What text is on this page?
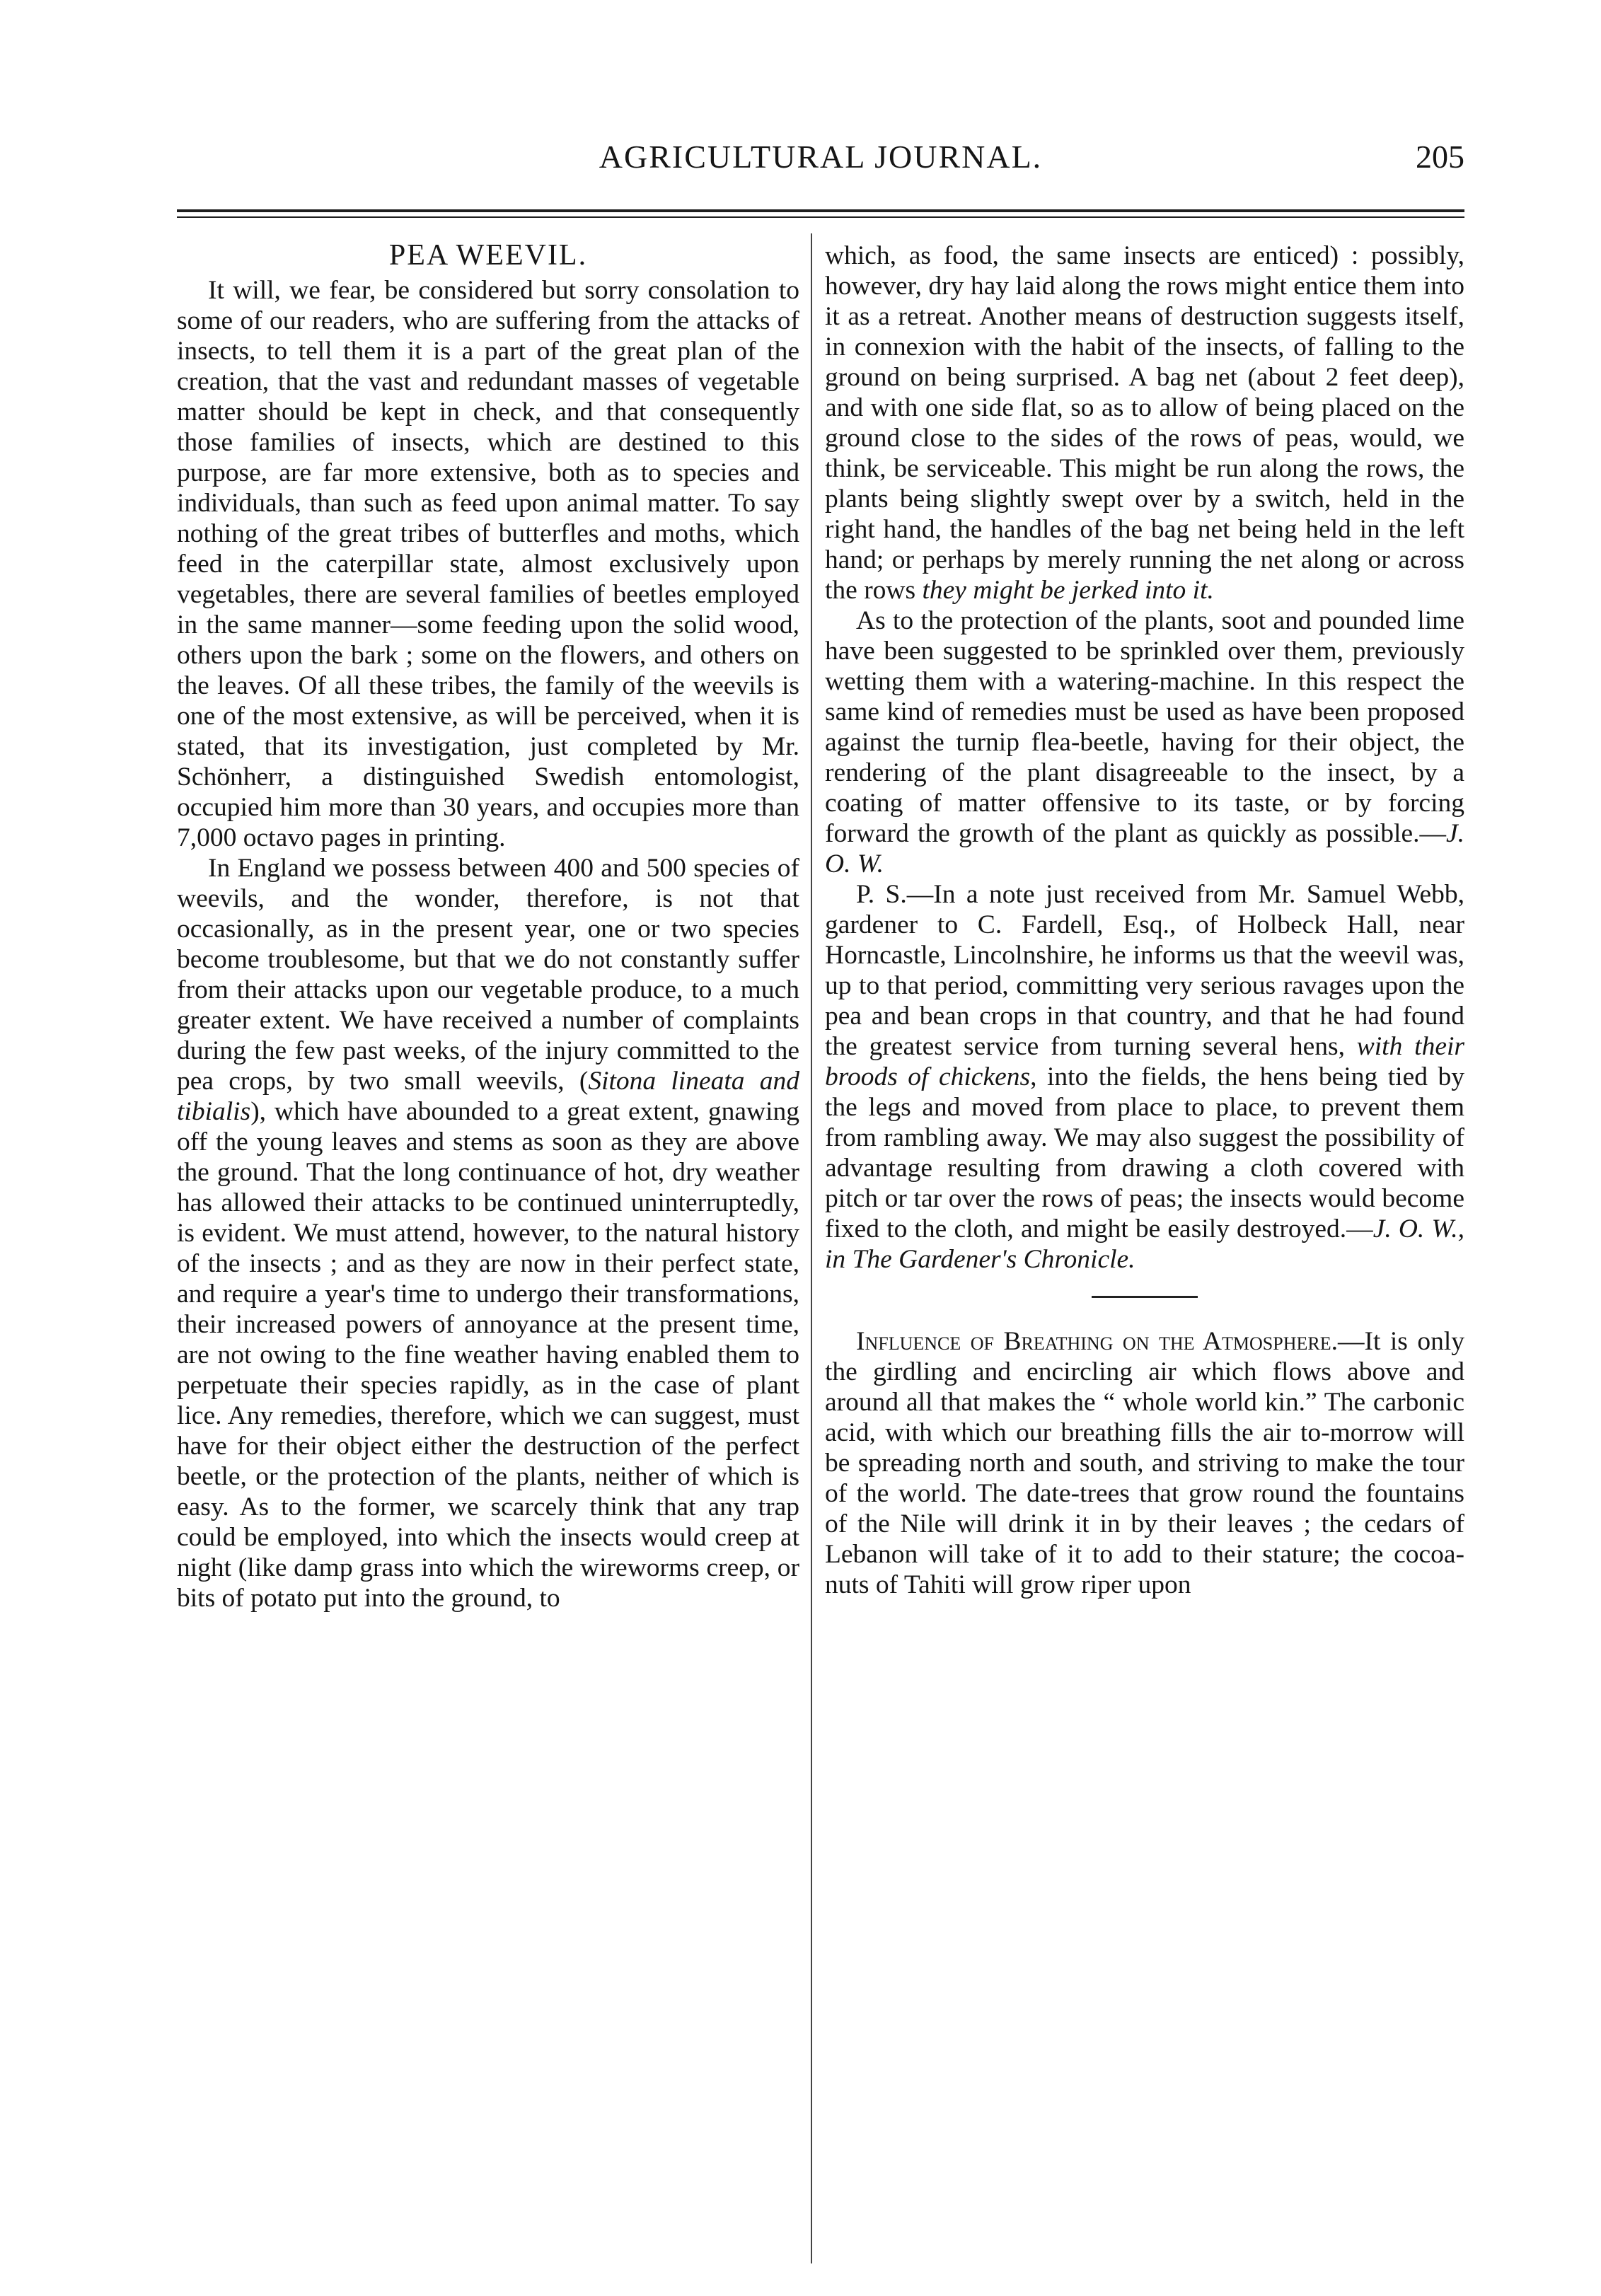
AGRICULTURAL JOURNAL.	205
PEA WEEVIL.

It will, we fear, be considered but sorry consolation to some of our readers, who are suffering from the attacks of insects, to tell them it is a part of the great plan of the creation, that the vast and redundant masses of vegetable matter should be kept in check, and that consequently those families of insects, which are destined to this purpose, are far more extensive, both as to species and individuals, than such as feed upon animal matter. To say nothing of the great tribes of butterfles and moths, which feed in the caterpillar state, almost exclusively upon vegetables, there are several families of beetles employed in the same manner—some feeding upon the solid wood, others upon the bark ; some on the flowers, and others on the leaves. Of all these tribes, the family of the weevils is one of the most extensive, as will be perceived, when it is stated, that its investigation, just completed by Mr. Schönherr, a distinguished Swedish entomologist, occupied him more than 30 years, and occupies more than 7,000 octavo pages in printing.

In England we possess between 400 and 500 species of weevils, and the wonder, therefore, is not that occasionally, as in the present year, one or two species become troublesome, but that we do not constantly suffer from their attacks upon our vegetable produce, to a much greater extent. We have received a number of complaints during the few past weeks, of the injury committed to the pea crops, by two small weevils, (Sitona lineata and tibialis), which have abounded to a great extent, gnawing off the young leaves and stems as soon as they are above the ground. That the long continuance of hot, dry weather has allowed their attacks to be continued uninterruptedly, is evident. We must attend, however, to the natural history of the insects ; and as they are now in their perfect state, and require a year's time to undergo their transformations, their increased powers of annoyance at the present time, are not owing to the fine weather having enabled them to perpetuate their species rapidly, as in the case of plant lice. Any remedies, therefore, which we can suggest, must have for their object either the destruction of the perfect beetle, or the protection of the plants, neither of which is easy. As to the former, we scarcely think that any trap could be employed, into which the insects would creep at night (like damp grass into which the wireworms creep, or bits of potato put into the ground, to

which, as food, the same insects are enticed) : possibly, however, dry hay laid along the rows might entice them into it as a retreat. Another means of destruction suggests itself, in connexion with the habit of the insects, of falling to the ground on being surprised. A bag net (about 2 feet deep), and with one side flat, so as to allow of being placed on the ground close to the sides of the rows of peas, would, we think, be serviceable. This might be run along the rows, the plants being slightly swept over by a switch, held in the right hand, the handles of the bag net being held in the left hand; or perhaps by merely running the net along or across the rows they might be jerked into it.

As to the protection of the plants, soot and pounded lime have been suggested to be sprinkled over them, previously wetting them with a watering-machine. In this respect the same kind of remedies must be used as have been proposed against the turnip flea-beetle, having for their object, the rendering of the plant disagreeable to the insect, by a coating of matter offensive to its taste, or by forcing forward the growth of the plant as quickly as possible.—J. O. W.

P. S.—In a note just received from Mr. Samuel Webb, gardener to C. Fardell, Esq., of Holbeck Hall, near Horncastle, Lincolnshire, he informs us that the weevil was, up to that period, committing very serious ravages upon the pea and bean crops in that country, and that he had found the greatest service from turning several hens, with their broods of chickens, into the fields, the hens being tied by the legs and moved from place to place, to prevent them from rambling away. We may also suggest the possibility of advantage resulting from drawing a cloth covered with pitch or tar over the rows of peas; the insects would become fixed to the cloth, and might be easily destroyed.—J. O. W., in The Gardener's Chronicle.

Influence of Breathing on the Atmosphere.—It is only the girdling and encircling air which flows above and around all that makes the “ whole world kin.” The carbonic acid, with which our breathing fills the air to-morrow will be spreading north and south, and striving to make the tour of the world. The date-trees that grow round the fountains of the Nile will drink it in by their leaves ; the cedars of Lebanon will take of it to add to their stature; the cocoa-nuts of Tahiti will grow riper upon
